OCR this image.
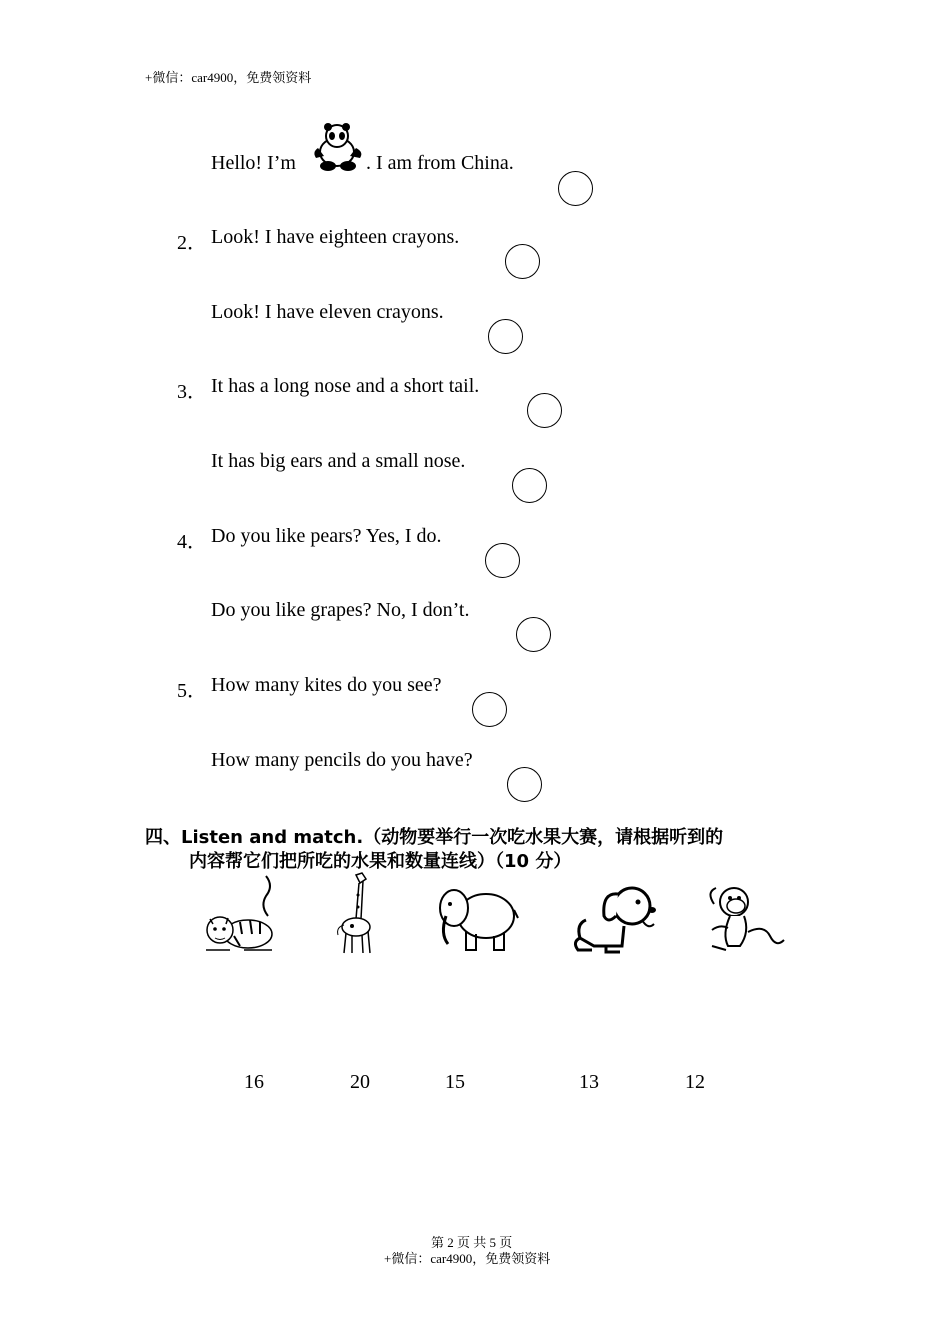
+微信：car4900，免费领资料
Hello! I’m	. I am from China.
2． Look! I have eighteen crayons.
Look! I have eleven crayons.
3． It has a long nose and a short tail.
It has big ears and a small nose.
4． Do you like pears? Yes, I do.
Do you like grapes? No, I don’t.
5． How many kites do you see?
How many pencils do you have?
四、Listen and match.（动物要举行一次吃水果大赛，请根据听到的
内容帮它们把所吃的水果和数量连线）（10 分）
16	20	15	13	12
第 2 页 共 5 页
+微信：car4900，免费领资料
